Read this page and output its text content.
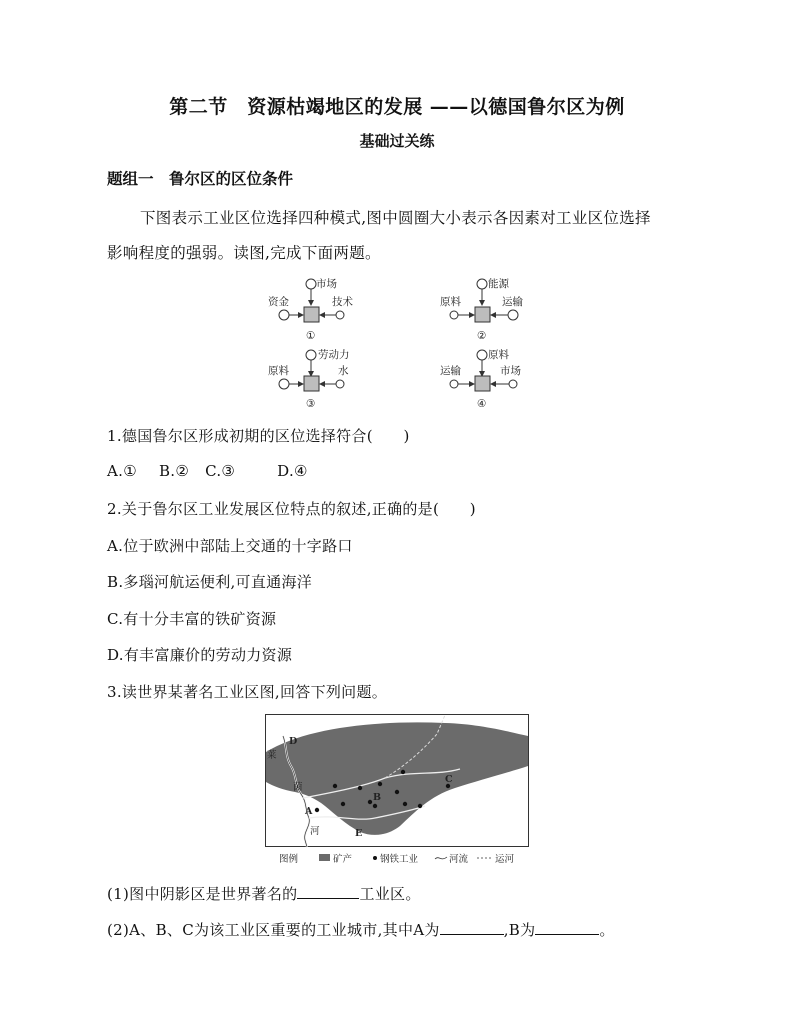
第二节　资源枯竭地区的发展 ——以德国鲁尔区为例
基础过关练
题组一　鲁尔区的区位条件
下图表示工业区位选择四种模式,图中圆圈大小表示各因素对工业区位选择
影响程度的强弱。读图,完成下面两题。
市场
资金	技术
①
能源
原料	运输
②
劳动力
原料	水
③
原料
运输	市场
④
1.德国鲁尔区形成初期的区位选择符合(　　)
A.① B.② C.③	D.④
2.关于鲁尔区工业发展区位特点的叙述,正确的是(　　)
A.位于欧洲中部陆上交通的十字路口
B.多瑙河航运便利,可直通海洋
C.有十分丰富的铁矿资源
D.有丰富廉价的劳动力资源
3.读世界某著名工业区图,回答下列问题。
D
A
B
C
E
莱
茵
河
图例	矿产	钢铁工业	河流	运河
(1)图中阴影区是世界著名的	工业区。
(2)A、B、C为该工业区重要的工业城市,其中A为	,B为	。
